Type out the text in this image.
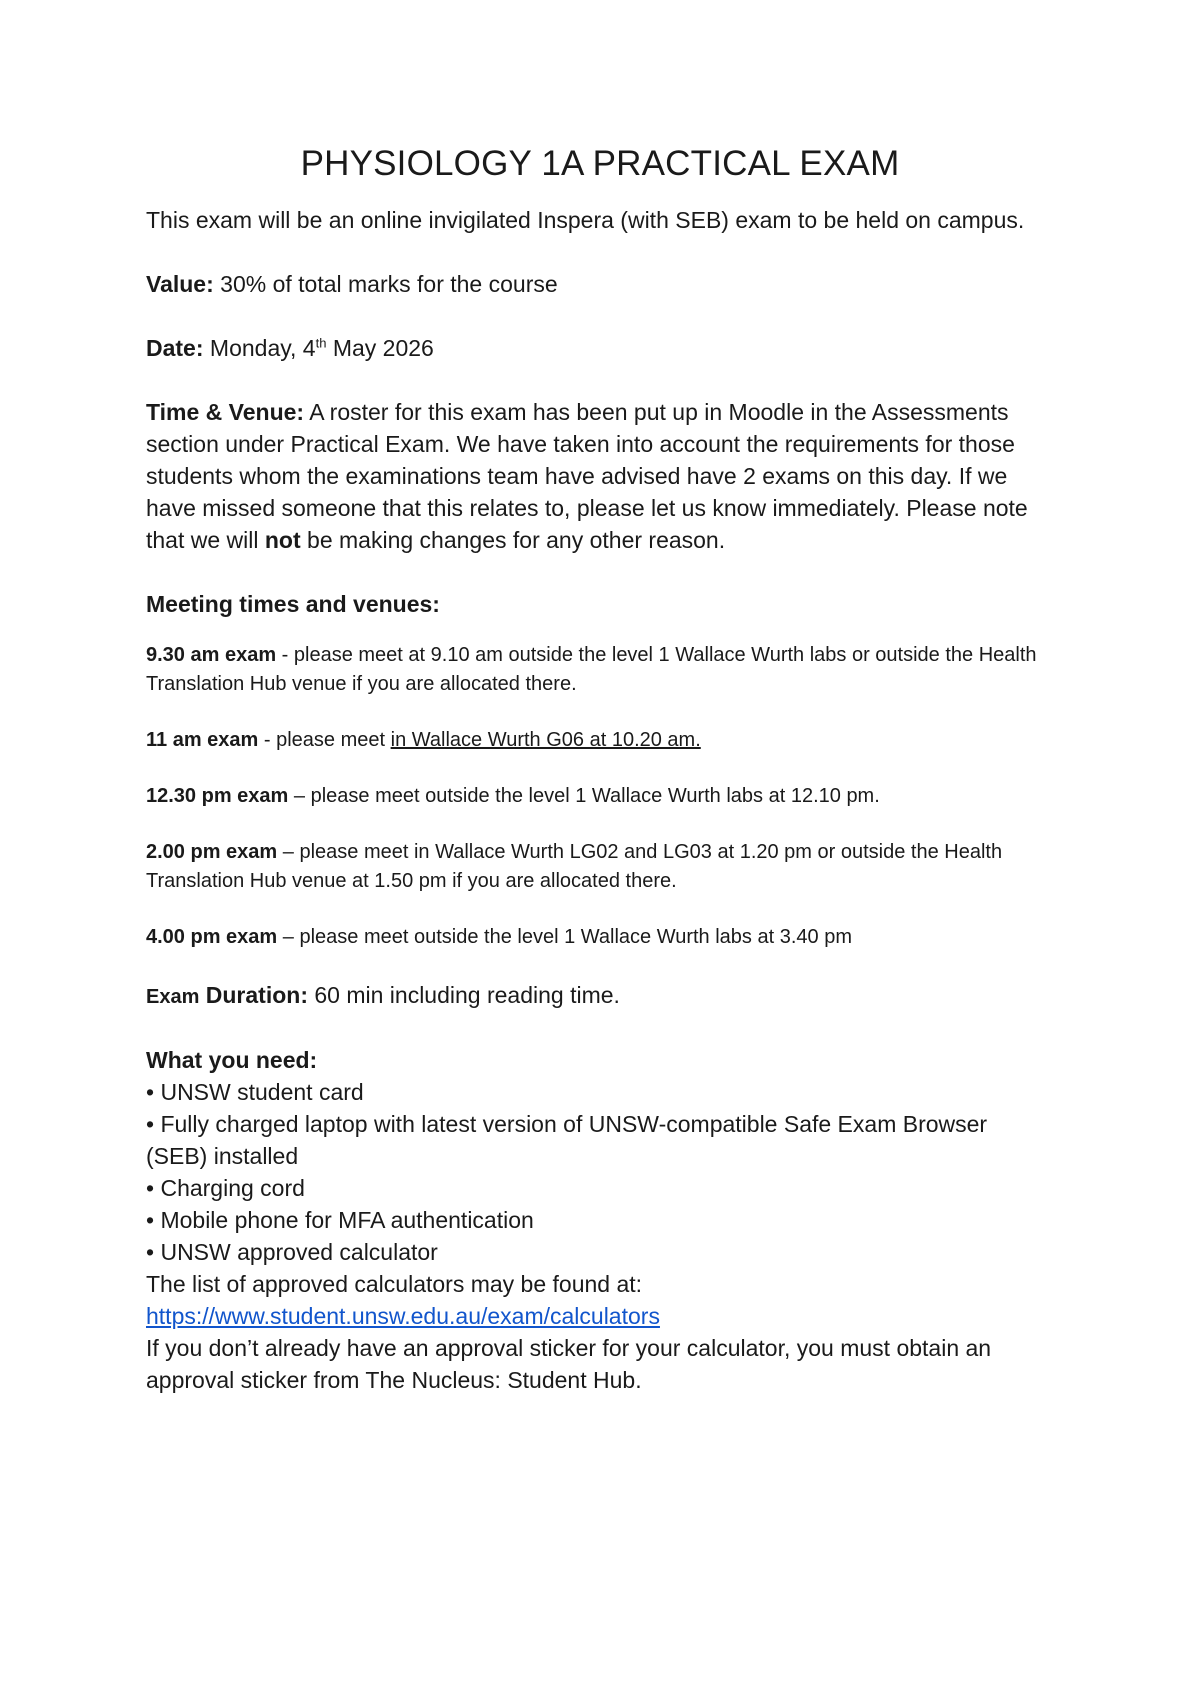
PHYSIOLOGY 1A PRACTICAL EXAM

This exam will be an online invigilated Inspera (with SEB) exam to be held on campus.

Value: 30% of total marks for the course

Date: Monday, 4th May 2026

Time & Venue: A roster for this exam has been put up in Moodle in the Assessments section under Practical Exam. We have taken into account the requirements for those students whom the examinations team have advised have 2 exams on this day. If we have missed someone that this relates to, please let us know immediately. Please note that we will not be making changes for any other reason.

Meeting times and venues:

9.30 am exam - please meet at 9.10 am outside the level 1 Wallace Wurth labs or outside the Health Translation Hub venue if you are allocated there.

11 am exam - please meet in Wallace Wurth G06 at 10.20 am.

12.30 pm exam – please meet outside the level 1 Wallace Wurth labs at 12.10 pm.

2.00 pm exam – please meet in Wallace Wurth LG02 and LG03 at 1.20 pm or outside the Health Translation Hub venue at 1.50 pm if you are allocated there.

4.00 pm exam – please meet outside the level 1 Wallace Wurth labs at 3.40 pm

Exam Duration: 60 min including reading time.

What you need:

• UNSW student card
• Fully charged laptop with latest version of UNSW-compatible Safe Exam Browser (SEB) installed
• Charging cord
• Mobile phone for MFA authentication
• UNSW approved calculator

The list of approved calculators may be found at:

https://www.student.unsw.edu.au/exam/calculators

If you don’t already have an approval sticker for your calculator, you must obtain an approval sticker from The Nucleus: Student Hub.
